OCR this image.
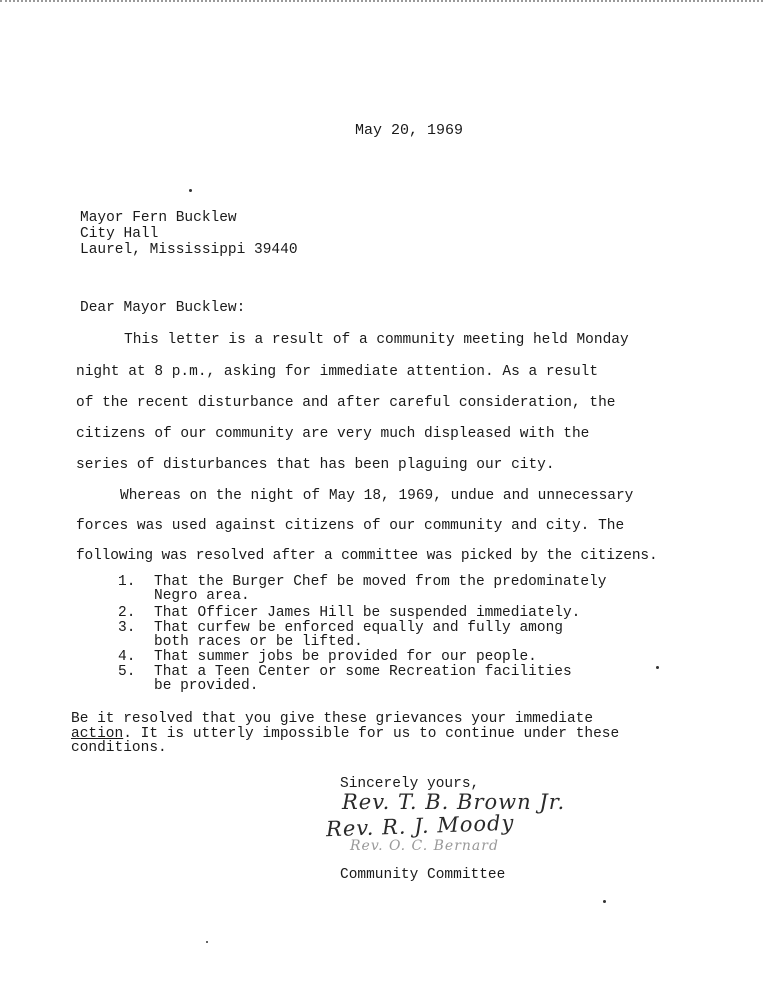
May 20, 1969
Mayor Fern Bucklew
City Hall
Laurel, Mississippi 39440
Dear Mayor Bucklew:
This letter is a result of a community meeting held Monday
night at 8 p.m., asking for immediate attention. As a result
of the recent disturbance and after careful consideration, the
citizens of our community are very much displeased with the
series of disturbances that has been plaguing our city.
Whereas on the night of May 18, 1969, undue and unnecessary
forces was used against citizens of our community and city. The
following was resolved after a committee was picked by the citizens.
1.	That the Burger Chef be moved from the predominately
Negro area.
2.	That Officer James Hill be suspended immediately.
3.	That curfew be enforced equally and fully among
both races or be lifted.
4.	That summer jobs be provided for our people.
5.	That a Teen Center or some Recreation facilities
be provided.
Be it resolved that you give these grievances your immediate
action. It is utterly impossible for us to continue under these
conditions.
Sincerely yours,
Rev. T. B. Brown Jr.
Rev. R. J. Moody
Rev. O. C. Bernard
Community Committee
